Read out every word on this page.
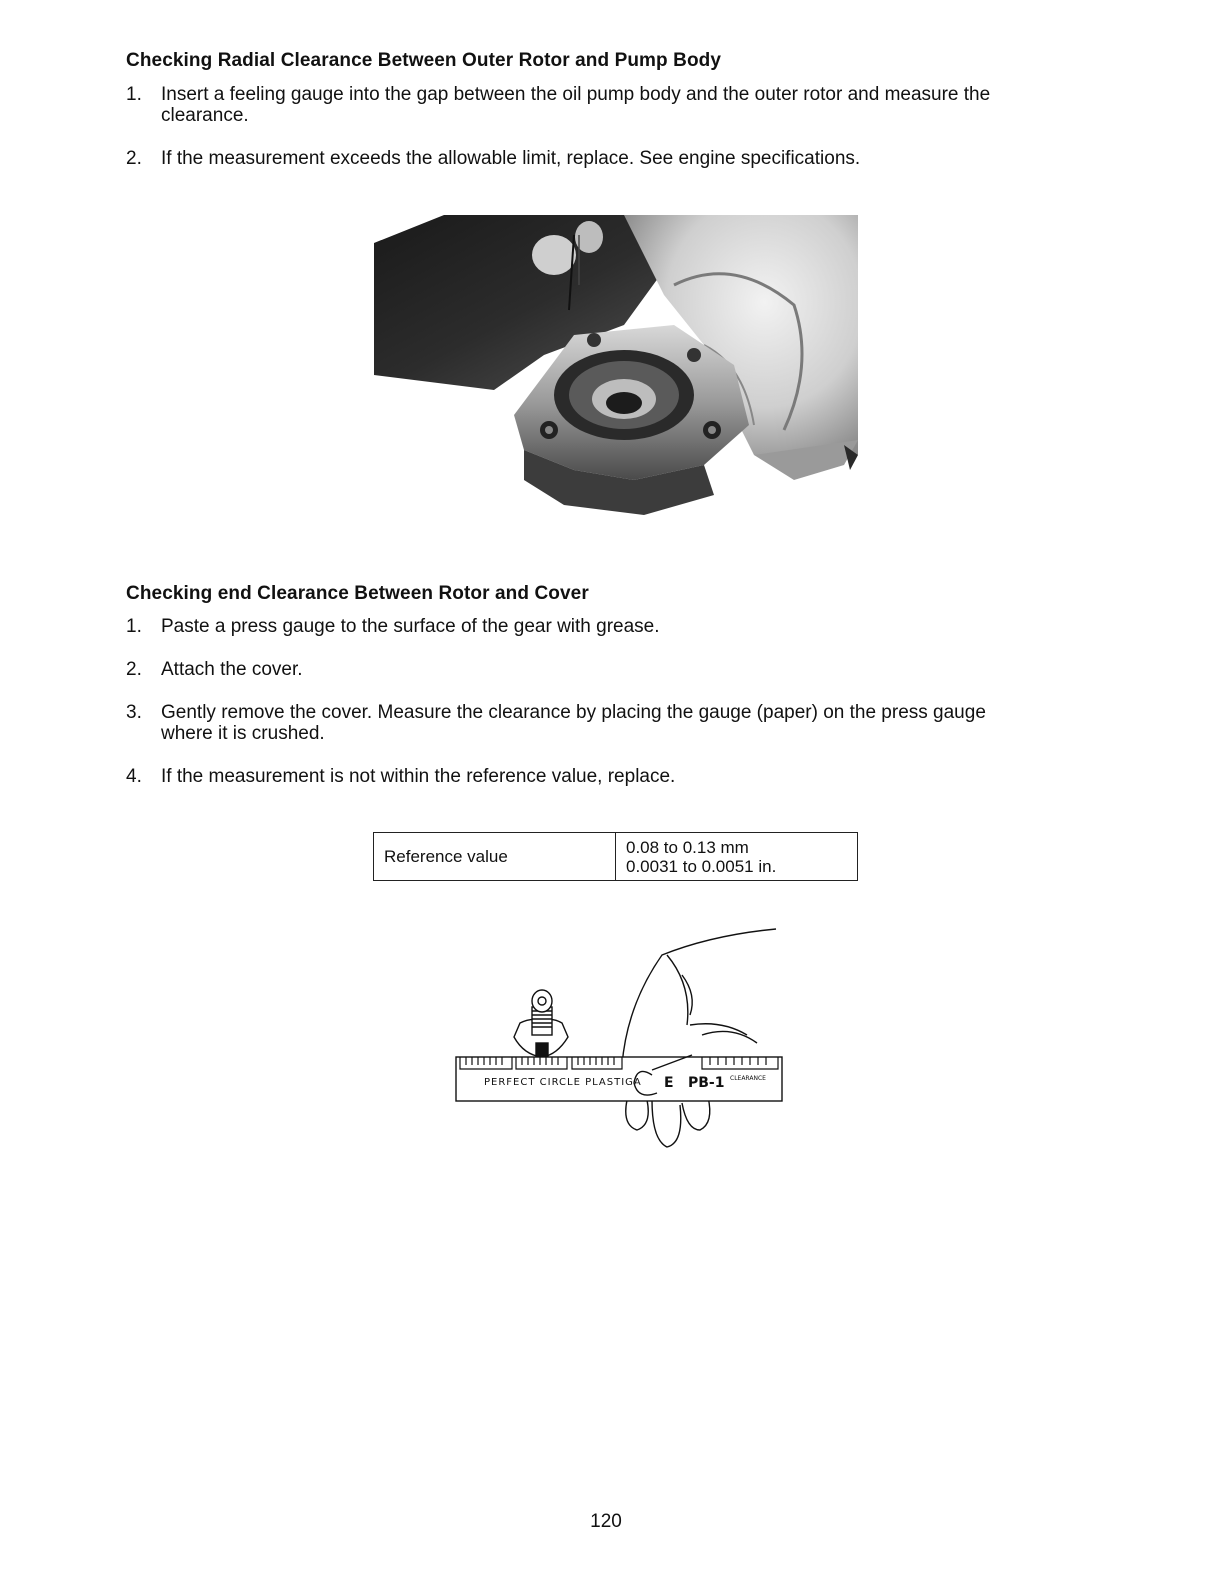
Checking Radial Clearance Between Outer Rotor and Pump Body
1.	Insert a feeling gauge into the gap between the oil pump body and the outer rotor and measure the clearance.
2.	If the measurement exceeds the allowable limit, replace. See engine specifications.
Checking end Clearance Between Rotor and Cover
1.	Paste a press gauge to the surface of the gear with grease.
2.	Attach the cover.
3.	Gently remove the cover. Measure the clearance by placing the gauge (paper) on the press gauge where it is crushed.
4.	If the measurement is not within the reference value, replace.
Reference value	0.08 to 0.13 mm
0.0031 to 0.0051 in.
PERFECT CIRCLE PLASTIGA E PB-1 CLEARANCE
120
